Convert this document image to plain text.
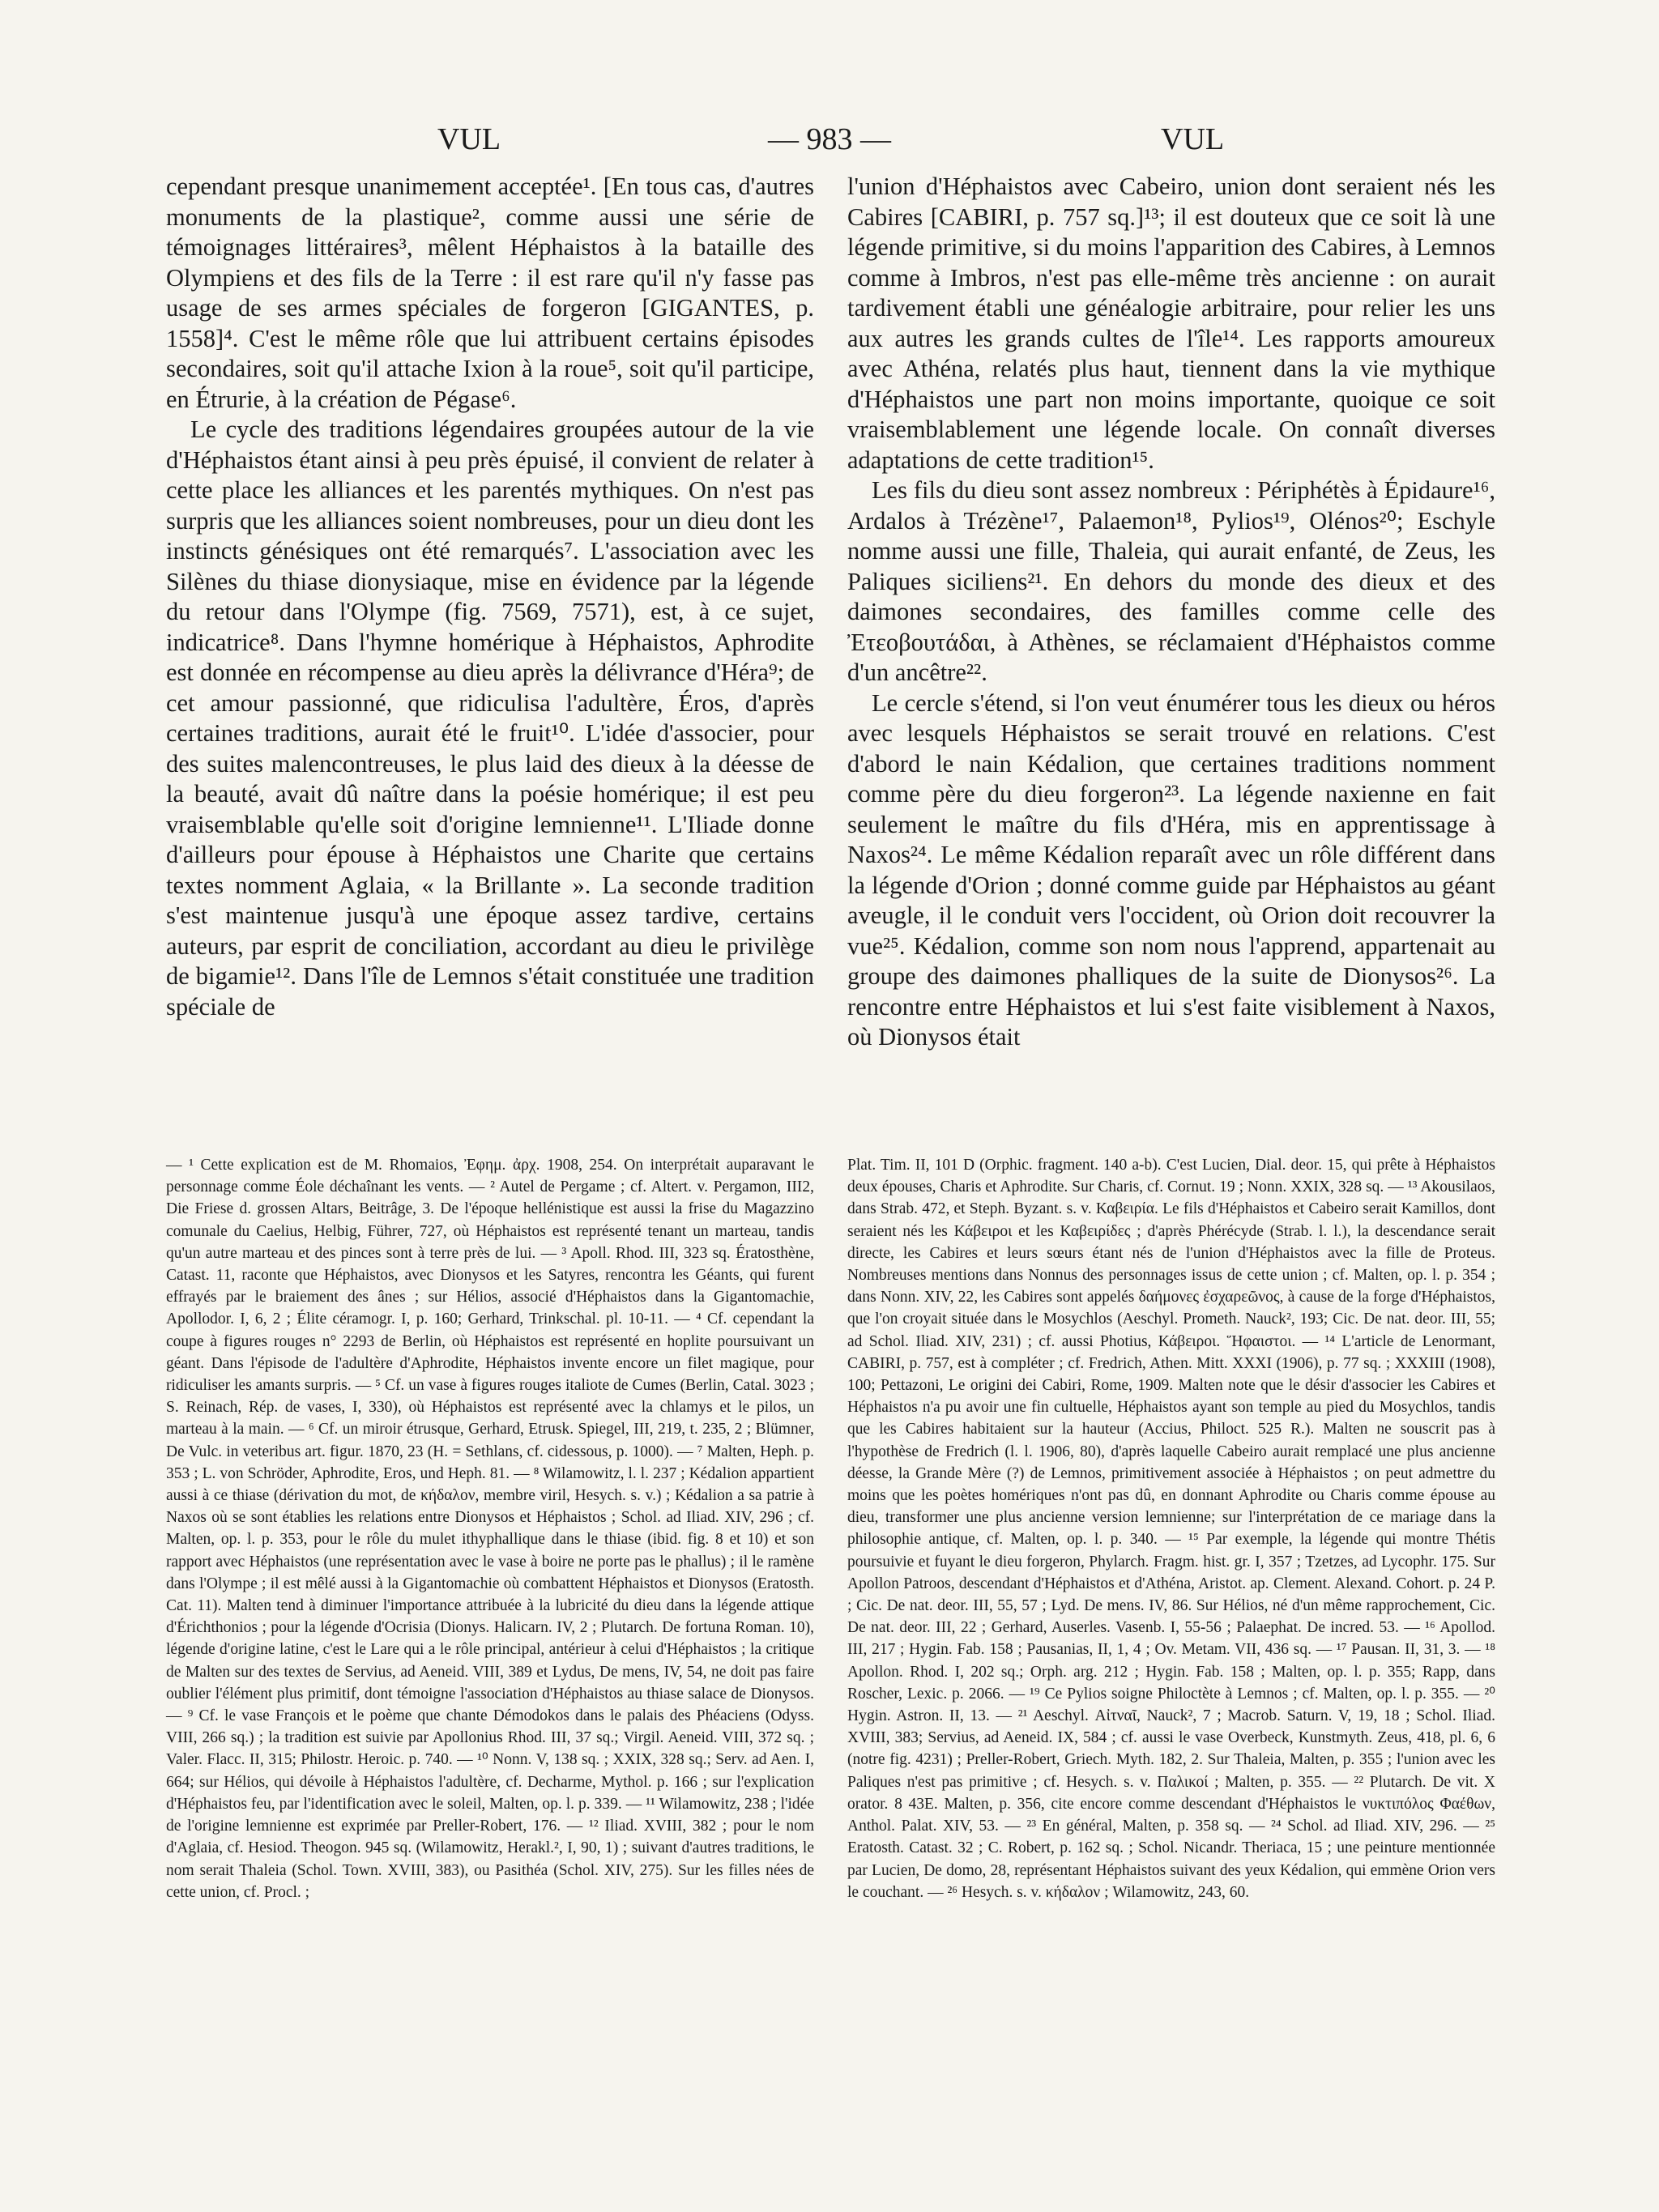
VUL	— 983 —	VUL

cependant presque unanimement acceptée¹. [En tous cas, d'autres monuments de la plastique², comme aussi une série de témoignages littéraires³, mêlent Héphaistos à la bataille des Olympiens et des fils de la Terre : il est rare qu'il n'y fasse pas usage de ses armes spéciales de forgeron [GIGANTES, p. 1558]⁴. C'est le même rôle que lui attribuent certains épisodes secondaires, soit qu'il attache Ixion à la roue⁵, soit qu'il participe, en Étrurie, à la création de Pégase⁶.

Le cycle des traditions légendaires groupées autour de la vie d'Héphaistos étant ainsi à peu près épuisé, il convient de relater à cette place les alliances et les parentés mythiques. On n'est pas surpris que les alliances soient nombreuses, pour un dieu dont les instincts génésiques ont été remarqués⁷. L'association avec les Silènes du thiase dionysiaque, mise en évidence par la légende du retour dans l'Olympe (fig. 7569, 7571), est, à ce sujet, indicatrice⁸. Dans l'hymne homérique à Héphaistos, Aphrodite est donnée en récompense au dieu après la délivrance d'Héra⁹; de cet amour passionné, que ridiculisa l'adultère, Éros, d'après certaines traditions, aurait été le fruit¹⁰. L'idée d'associer, pour des suites malencontreuses, le plus laid des dieux à la déesse de la beauté, avait dû naître dans la poésie homérique; il est peu vraisemblable qu'elle soit d'origine lemnienne¹¹. L'Iliade donne d'ailleurs pour épouse à Héphaistos une Charite que certains textes nomment Aglaia, « la Brillante ». La seconde tradition s'est maintenue jusqu'à une époque assez tardive, certains auteurs, par esprit de conciliation, accordant au dieu le privilège de bigamie¹². Dans l'île de Lemnos s'était constituée une tradition spéciale de

l'union d'Héphaistos avec Cabeiro, union dont seraient nés les Cabires [CABIRI, p. 757 sq.]¹³; il est douteux que ce soit là une légende primitive, si du moins l'apparition des Cabires, à Lemnos comme à Imbros, n'est pas elle-même très ancienne : on aurait tardivement établi une généalogie arbitraire, pour relier les uns aux autres les grands cultes de l'île¹⁴. Les rapports amoureux avec Athéna, relatés plus haut, tiennent dans la vie mythique d'Héphaistos une part non moins importante, quoique ce soit vraisemblablement une légende locale. On connaît diverses adaptations de cette tradition¹⁵.

Les fils du dieu sont assez nombreux : Périphétès à Épidaure¹⁶, Ardalos à Trézène¹⁷, Palaemon¹⁸, Pylios¹⁹, Olénos²⁰; Eschyle nomme aussi une fille, Thaleia, qui aurait enfanté, de Zeus, les Paliques siciliens²¹. En dehors du monde des dieux et des daimones secondaires, des familles comme celle des Ἐτεοβουτάδαι, à Athènes, se réclamaient d'Héphaistos comme d'un ancêtre²².

Le cercle s'étend, si l'on veut énumérer tous les dieux ou héros avec lesquels Héphaistos se serait trouvé en relations. C'est d'abord le nain Kédalion, que certaines traditions nomment comme père du dieu forgeron²³. La légende naxienne en fait seulement le maître du fils d'Héra, mis en apprentissage à Naxos²⁴. Le même Kédalion reparaît avec un rôle différent dans la légende d'Orion ; donné comme guide par Héphaistos au géant aveugle, il le conduit vers l'occident, où Orion doit recouvrer la vue²⁵. Kédalion, comme son nom nous l'apprend, appartenait au groupe des daimones phalliques de la suite de Dionysos²⁶. La rencontre entre Héphaistos et lui s'est faite visiblement à Naxos, où Dionysos était

— ¹ Cette explication est de M. Rhomaios, Ἐφημ. ἀρχ. 1908, 254. On interprétait auparavant le personnage comme Éole déchaînant les vents. — ² Autel de Pergame ; cf. Altert. v. Pergamon, III2, Die Friese d. grossen Altars, Beitrâge, 3. De l'époque hellénistique est aussi la frise du Magazzino comunale du Caelius, Helbig, Führer, 727, où Héphaistos est représenté tenant un marteau, tandis qu'un autre marteau et des pinces sont à terre près de lui. — ³ Apoll. Rhod. III, 323 sq. Ératosthène, Catast. 11, raconte que Héphaistos, avec Dionysos et les Satyres, rencontra les Géants, qui furent effrayés par le braiement des ânes ; sur Hélios, associé d'Héphaistos dans la Gigantomachie, Apollodor. I, 6, 2 ; Élite céramogr. I, p. 160; Gerhard, Trinkschal. pl. 10-11. — ⁴ Cf. cependant la coupe à figures rouges n° 2293 de Berlin, où Héphaistos est représenté en hoplite poursuivant un géant. Dans l'épisode de l'adultère d'Aphrodite, Héphaistos invente encore un filet magique, pour ridiculiser les amants surpris. — ⁵ Cf. un vase à figures rouges italiote de Cumes (Berlin, Catal. 3023 ; S. Reinach, Rép. de vases, I, 330), où Héphaistos est représenté avec la chlamys et le pilos, un marteau à la main. — ⁶ Cf. un miroir étrusque, Gerhard, Etrusk. Spiegel, III, 219, t. 235, 2 ; Blümner, De Vulc. in veteribus art. figur. 1870, 23 (H. = Sethlans, cf. cidessous, p. 1000). — ⁷ Malten, Heph. p. 353 ; L. von Schröder, Aphrodite, Eros, und Heph. 81. — ⁸ Wilamowitz, l. l. 237 ; Kédalion appartient aussi à ce thiase (dérivation du mot, de κήδαλον, membre viril, Hesych. s. v.) ; Kédalion a sa patrie à Naxos où se sont établies les relations entre Dionysos et Héphaistos ; Schol. ad Iliad. XIV, 296 ; cf. Malten, op. l. p. 353, pour le rôle du mulet ithyphallique dans le thiase (ibid. fig. 8 et 10) et son rapport avec Héphaistos (une représentation avec le vase à boire ne porte pas le phallus) ; il le ramène dans l'Olympe ; il est mêlé aussi à la Gigantomachie où combattent Héphaistos et Dionysos (Eratosth. Cat. 11). Malten tend à diminuer l'importance attribuée à la lubricité du dieu dans la légende attique d'Érichthonios ; pour la légende d'Ocrisia (Dionys. Halicarn. IV, 2 ; Plutarch. De fortuna Roman. 10), légende d'origine latine, c'est le Lare qui a le rôle principal, antérieur à celui d'Héphaistos ; la critique de Malten sur des textes de Servius, ad Aeneid. VIII, 389 et Lydus, De mens, IV, 54, ne doit pas faire oublier l'élément plus primitif, dont témoigne l'association d'Héphaistos au thiase salace de Dionysos. — ⁹ Cf. le vase François et le poème que chante Démodokos dans le palais des Phéaciens (Odyss. VIII, 266 sq.) ; la tradition est suivie par Apollonius Rhod. III, 37 sq.; Virgil. Aeneid. VIII, 372 sq. ; Valer. Flacc. II, 315; Philostr. Heroic. p. 740. — ¹⁰ Nonn. V, 138 sq. ; XXIX, 328 sq.; Serv. ad Aen. I, 664; sur Hélios, qui dévoile à Héphaistos l'adultère, cf. Decharme, Mythol. p. 166 ; sur l'explication d'Héphaistos feu, par l'identification avec le soleil, Malten, op. l. p. 339. — ¹¹ Wilamowitz, 238 ; l'idée de l'origine lemnienne est exprimée par Preller-Robert, 176. — ¹² Iliad. XVIII, 382 ; pour le nom d'Aglaia, cf. Hesiod. Theogon. 945 sq. (Wilamowitz, Herakl.², I, 90, 1) ; suivant d'autres traditions, le nom serait Thaleia (Schol. Town. XVIII, 383), ou Pasithéa (Schol. XIV, 275). Sur les filles nées de cette union, cf. Procl. ;

Plat. Tim. II, 101 D (Orphic. fragment. 140 a-b). C'est Lucien, Dial. deor. 15, qui prête à Héphaistos deux épouses, Charis et Aphrodite. Sur Charis, cf. Cornut. 19 ; Nonn. XXIX, 328 sq. — ¹³ Akousilaos, dans Strab. 472, et Steph. Byzant. s. v. Καβειρία. Le fils d'Héphaistos et Cabeiro serait Kamillos, dont seraient nés les Κάβειροι et les Καβειρίδες ; d'après Phérécyde (Strab. l. l.), la descendance serait directe, les Cabires et leurs sœurs étant nés de l'union d'Héphaistos avec la fille de Proteus. Nombreuses mentions dans Nonnus des personnages issus de cette union ; cf. Malten, op. l. p. 354 ; dans Nonn. XIV, 22, les Cabires sont appelés δαήμονες ἐσχαρεῶνος, à cause de la forge d'Héphaistos, que l'on croyait située dans le Mosychlos (Aeschyl. Prometh. Nauck², 193; Cic. De nat. deor. III, 55; ad Schol. Iliad. XIV, 231) ; cf. aussi Photius, Κάβειροι. Ἥφαιστοι. — ¹⁴ L'article de Lenormant, CABIRI, p. 757, est à compléter ; cf. Fredrich, Athen. Mitt. XXXI (1906), p. 77 sq. ; XXXIII (1908), 100; Pettazoni, Le origini dei Cabiri, Rome, 1909. Malten note que le désir d'associer les Cabires et Héphaistos n'a pu avoir une fin cultuelle, Héphaistos ayant son temple au pied du Mosychlos, tandis que les Cabires habitaient sur la hauteur (Accius, Philoct. 525 R.). Malten ne souscrit pas à l'hypothèse de Fredrich (l. l. 1906, 80), d'après laquelle Cabeiro aurait remplacé une plus ancienne déesse, la Grande Mère (?) de Lemnos, primitivement associée à Héphaistos ; on peut admettre du moins que les poètes homériques n'ont pas dû, en donnant Aphrodite ou Charis comme épouse au dieu, transformer une plus ancienne version lemnienne; sur l'interprétation de ce mariage dans la philosophie antique, cf. Malten, op. l. p. 340. — ¹⁵ Par exemple, la légende qui montre Thétis poursuivie et fuyant le dieu forgeron, Phylarch. Fragm. hist. gr. I, 357 ; Tzetzes, ad Lycophr. 175. Sur Apollon Patroos, descendant d'Héphaistos et d'Athéna, Aristot. ap. Clement. Alexand. Cohort. p. 24 P. ; Cic. De nat. deor. III, 55, 57 ; Lyd. De mens. IV, 86. Sur Hélios, né d'un même rapprochement, Cic. De nat. deor. III, 22 ; Gerhard, Auserles. Vasenb. I, 55-56 ; Palaephat. De incred. 53. — ¹⁶ Apollod. III, 217 ; Hygin. Fab. 158 ; Pausanias, II, 1, 4 ; Ov. Metam. VII, 436 sq. — ¹⁷ Pausan. II, 31, 3. — ¹⁸ Apollon. Rhod. I, 202 sq.; Orph. arg. 212 ; Hygin. Fab. 158 ; Malten, op. l. p. 355; Rapp, dans Roscher, Lexic. p. 2066. — ¹⁹ Ce Pylios soigne Philoctète à Lemnos ; cf. Malten, op. l. p. 355. — ²⁰ Hygin. Astron. II, 13. — ²¹ Aeschyl. Αἰτναῖ, Nauck², 7 ; Macrob. Saturn. V, 19, 18 ; Schol. Iliad. XVIII, 383; Servius, ad Aeneid. IX, 584 ; cf. aussi le vase Overbeck, Kunstmyth. Zeus, 418, pl. 6, 6 (notre fig. 4231) ; Preller-Robert, Griech. Myth. 182, 2. Sur Thaleia, Malten, p. 355 ; l'union avec les Paliques n'est pas primitive ; cf. Hesych. s. v. Παλικοί ; Malten, p. 355. — ²² Plutarch. De vit. X orator. 8 43E. Malten, p. 356, cite encore comme descendant d'Héphaistos le νυκτιπόλος Φαέθων, Anthol. Palat. XIV, 53. — ²³ En général, Malten, p. 358 sq. — ²⁴ Schol. ad Iliad. XIV, 296. — ²⁵ Eratosth. Catast. 32 ; C. Robert, p. 162 sq. ; Schol. Nicandr. Theriaca, 15 ; une peinture mentionnée par Lucien, De domo, 28, représentant Héphaistos suivant des yeux Kédalion, qui emmène Orion vers le couchant. — ²⁶ Hesych. s. v. κήδαλον ; Wilamowitz, 243, 60.
